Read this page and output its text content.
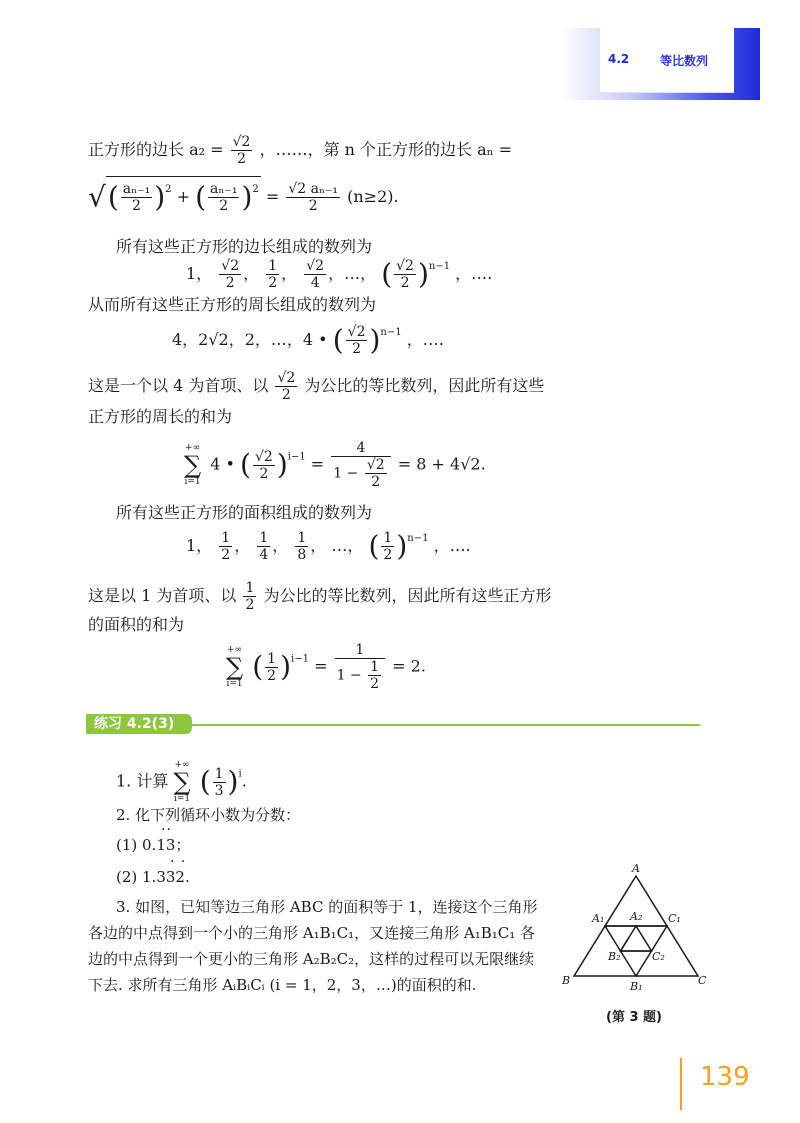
4.2	等比数列
正方形的边长 $a_2 = \frac{√2}{2}$ ，……，第 n 个正方形的边长 aₙ =
√( $\frac{\text{aₙ₋₁}}{2} )^2$ + ( $\frac{\text{aₙ₋₁}}{2} )^2 = \frac{\text{√2 aₙ₋₁}}{2} (n\ge 2)$.
所有这些正方形的边长组成的数列为
1， $\frac{√2}{2}$ ， $\frac{1}{2}$ ， $\frac{√2}{4}$ ，…， ( $\frac{√2}{2} )^{n-1}$ ，….
从而所有这些正方形的周长组成的数列为
4，2√2，2，…，4 • ( $\frac{√2}{2} )^{n-1}$ ，….
这是一个以 4 为首项、以 $\frac{√2}{2}$ 为公比的等比数列，因此所有这些
正方形的周长的和为
+∞
∑
i=1 4 • ( $\frac{√2}{2} )^{i-1} = \frac{4}{1 - \frac{√2}{2}} = 8 + 4√2$.
所有这些正方形的面积组成的数列为
1， $\frac{1}{2}$ ， $\frac{1}{4}$ ， $\frac{1}{8}$ ， …， ( $\frac{1}{2} )^{n-1}$ ，….
这是以 1 为首项、以 $\frac{1}{2}$ 为公比的等比数列，因此所有这些正方形
的面积的和为
+∞
∑
i=1 ( $\frac{1}{2} )^{i-1} = \frac{1}{1 - \frac{1}{2}} = 2$.
练习 4.2(3)
1. 计算 +∞
∑
i=1 ( $\frac{1}{3} )^i$.
2. 化下列循环小数为分数：
··
(1) 0.13；
· ·
(2) 1.332.
3. 如图，已知等边三角形 ABC 的面积等于 1，连接这个三角形
各边的中点得到一个小的三角形 A₁B₁C₁，又连接三角形 A₁B₁C₁ 各
边的中点得到一个更小的三角形 A₂B₂C₂，这样的过程可以无限继续
下去. 求所有三角形 AᵢBᵢCᵢ (i = 1，2，3，…)的面积的和.
A
B	C
A₁	C₁
B₁
A₂
B₂	C₂
(第 3 题)
139
